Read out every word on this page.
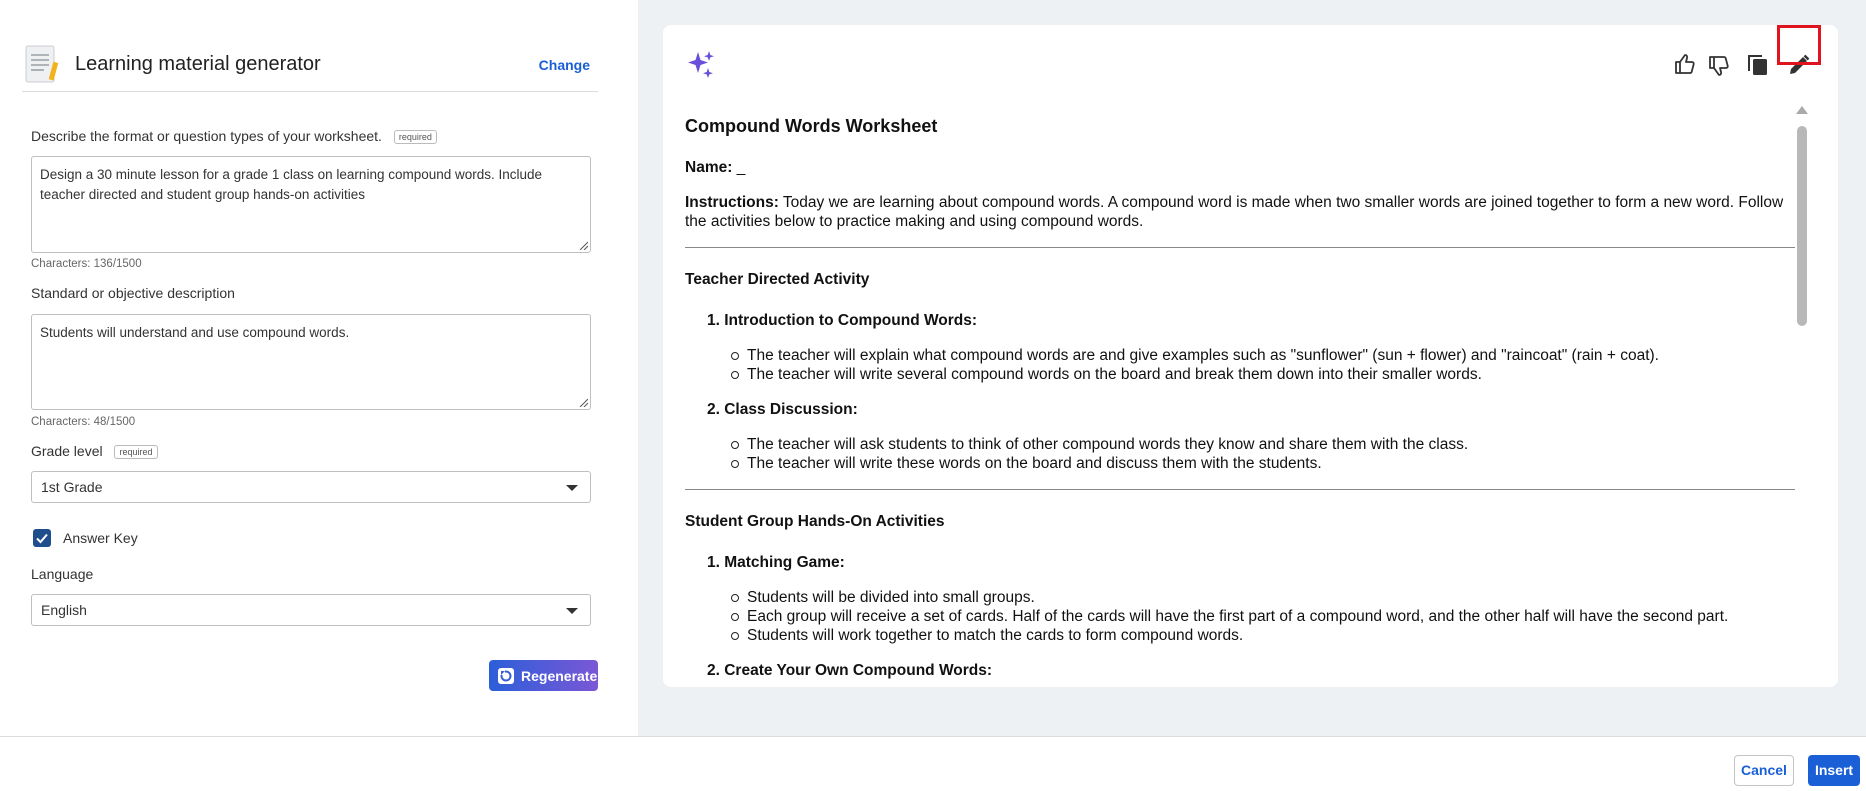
Learning material generator	Change
Describe the format or question types of your worksheet. required
Design a 30 minute lesson for a grade 1 class on learning compound words. Include teacher directed and student group hands-on activities
Characters: 136/1500
Standard or objective description
Students will understand and use compound words.
Characters: 48/1500
Grade level required
1st Grade
Answer Key
Language
English
Regenerate
Compound Words Worksheet

Name: _

Instructions: Today we are learning about compound words. A compound word is made when two smaller words are joined together to form a new word. Follow the activities below to practice making and using compound words.

Teacher Directed Activity
1. Introduction to Compound Words:
The teacher will explain what compound words are and give examples such as "sunflower" (sun + flower) and "raincoat" (rain + coat).
The teacher will write several compound words on the board and break them down into their smaller words.
2. Class Discussion:
The teacher will ask students to think of other compound words they know and share them with the class.
The teacher will write these words on the board and discuss them with the students.
Student Group Hands-On Activities
1. Matching Game:
Students will be divided into small groups.
Each group will receive a set of cards. Half of the cards will have the first part of a compound word, and the other half will have the second part.
Students will work together to match the cards to form compound words.
2. Create Your Own Compound Words:
Cancel	Insert
